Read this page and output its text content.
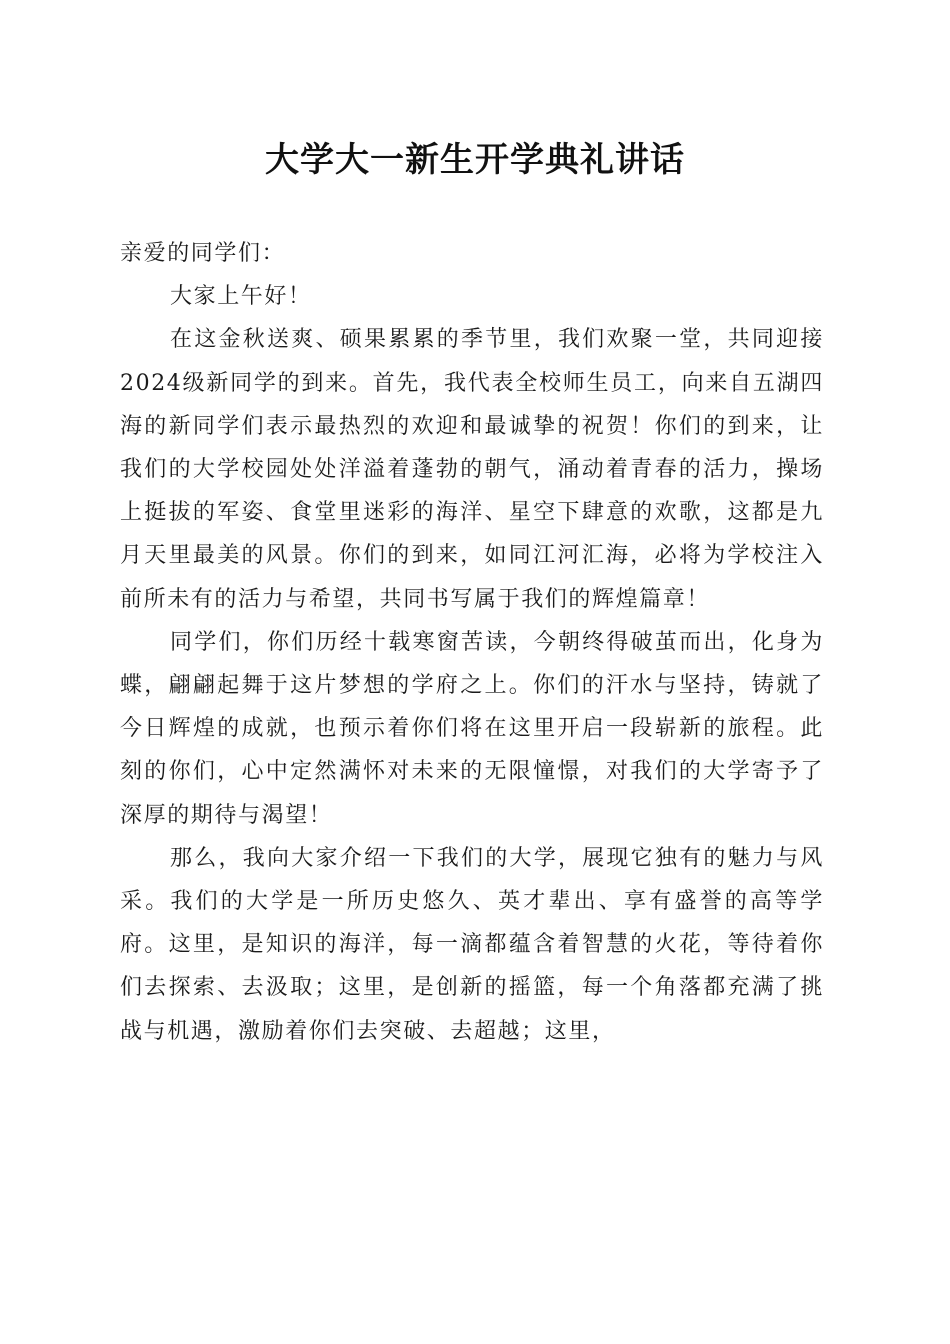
大学大一新生开学典礼讲话

亲爱的同学们：

大家上午好！

在这金秋送爽、硕果累累的季节里，我们欢聚一堂，共同迎接2024级新同学的到来。首先，我代表全校师生员工，向来自五湖四海的新同学们表示最热烈的欢迎和最诚挚的祝贺！你们的到来，让我们的大学校园处处洋溢着蓬勃的朝气，涌动着青春的活力，操场上挺拔的军姿、食堂里迷彩的海洋、星空下肆意的欢歌，这都是九月天里最美的风景。你们的到来，如同江河汇海，必将为学校注入前所未有的活力与希望，共同书写属于我们的辉煌篇章！

同学们，你们历经十载寒窗苦读，今朝终得破茧而出，化身为蝶，翩翩起舞于这片梦想的学府之上。你们的汗水与坚持，铸就了今日辉煌的成就，也预示着你们将在这里开启一段崭新的旅程。此刻的你们，心中定然满怀对未来的无限憧憬，对我们的大学寄予了深厚的期待与渴望！

那么，我向大家介绍一下我们的大学，展现它独有的魅力与风采。我们的大学是一所历史悠久、英才辈出、享有盛誉的高等学府。这里，是知识的海洋，每一滴都蕴含着智慧的火花，等待着你们去探索、去汲取；这里，是创新的摇篮，每一个角落都充满了挑战与机遇，激励着你们去突破、去超越；这里，
